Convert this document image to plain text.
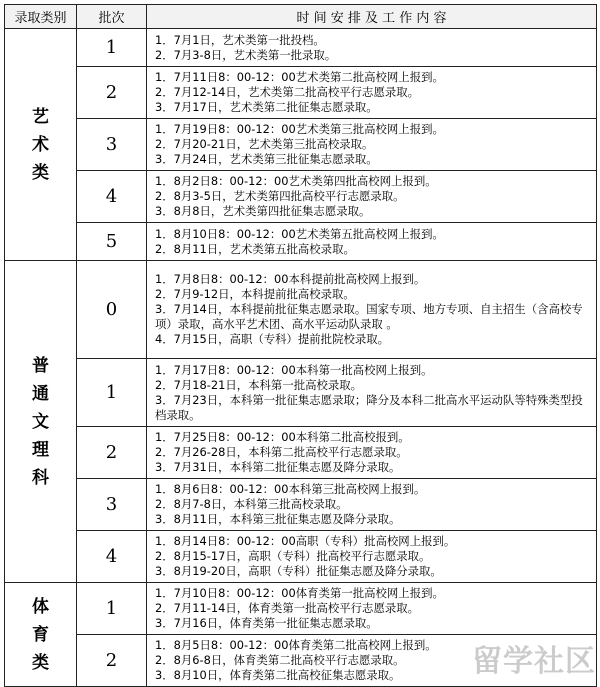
录取类别	批次	时 间 安 排 及 工 作 内 容

艺
术
类	1	1．7月1日，艺术类第一批投档。
2．7月3-8日，艺术类第一批录取。

	2	1．7月11日8：00-12：00艺术类第二批高校网上报到。
2．7月12-14日，艺术类第二批高校平行志愿录取。
3．7月17日，艺术类第二批征集志愿录取。

	3	1．7月19日8：00-12：00艺术类第三批高校网上报到。
2．7月20-21日，艺术类第三批高校录取。
3．7月24日，艺术类第三批征集志愿录取。

	4	1．8月2日8：00-12：00艺术类第四批高校网上报到。
2．8月3-5日，艺术类第四批高校平行志愿录取。
3．8月8日，艺术类第四批征集志愿录取。

	5	1．8月10日8：00-12：00艺术类第五批高校网上报到。
2．8月11日，艺术类第五批高校录取。

普
通
文
理
科	0	1．7月8日8：00-12：00本科提前批高校网上报到。
2．7月9-12日，本科提前批高校录取。
3．7月14日，本科提前批征集志愿录取。国家专项、地方专项、自主招生（含高校专项）录取，高水平艺术团、高水平运动队录取 。
4．7月15日，高职（专科）提前批院校录取。

	1	1．7月17日8：00-12：00本科第一批高校网上报到。
2．7月18-21日，本科第一批高校录取。
3．7月23日，本科第一批征集志愿录取；降分及本科二批高水平运动队等特殊类型投档录取。

	2	1．7月25日8：00-12：00本科第二批高校报到。
2．7月26-28日，本科第二批高校平行志愿录取。
3．7月31日，本科第二批征集志愿及降分录取。

	3	1．8月6日8：00-12：00本科第三批高校网上报到。
2．8月7-8日，本科第三批高校录取。
3．8月11日，本科第三批征集志愿及降分录取。

	4	1．8月14日8：00-12：00高职（专科）批高校网上报到。
2．8月15-17日，高职（专科）批高校平行志愿录取。
3．8月19-20日，高职（专科）批征集志愿及降分录取。

体
育
类	1	1．7月10日8：00-12：00体育类第一批高校网上报到。
2．7月11-14日，体育类第一批高校平行志愿录取。
3．7月16日，体育类第一批征集志愿录取。

	2	1．8月5日8：00-12：00体育类第二批高校网上报到。
2．8月6-8日，体育类第二批高校平行志愿录取。
3．8月10日，体育类第二批高校征集志愿录取。	留学社区
